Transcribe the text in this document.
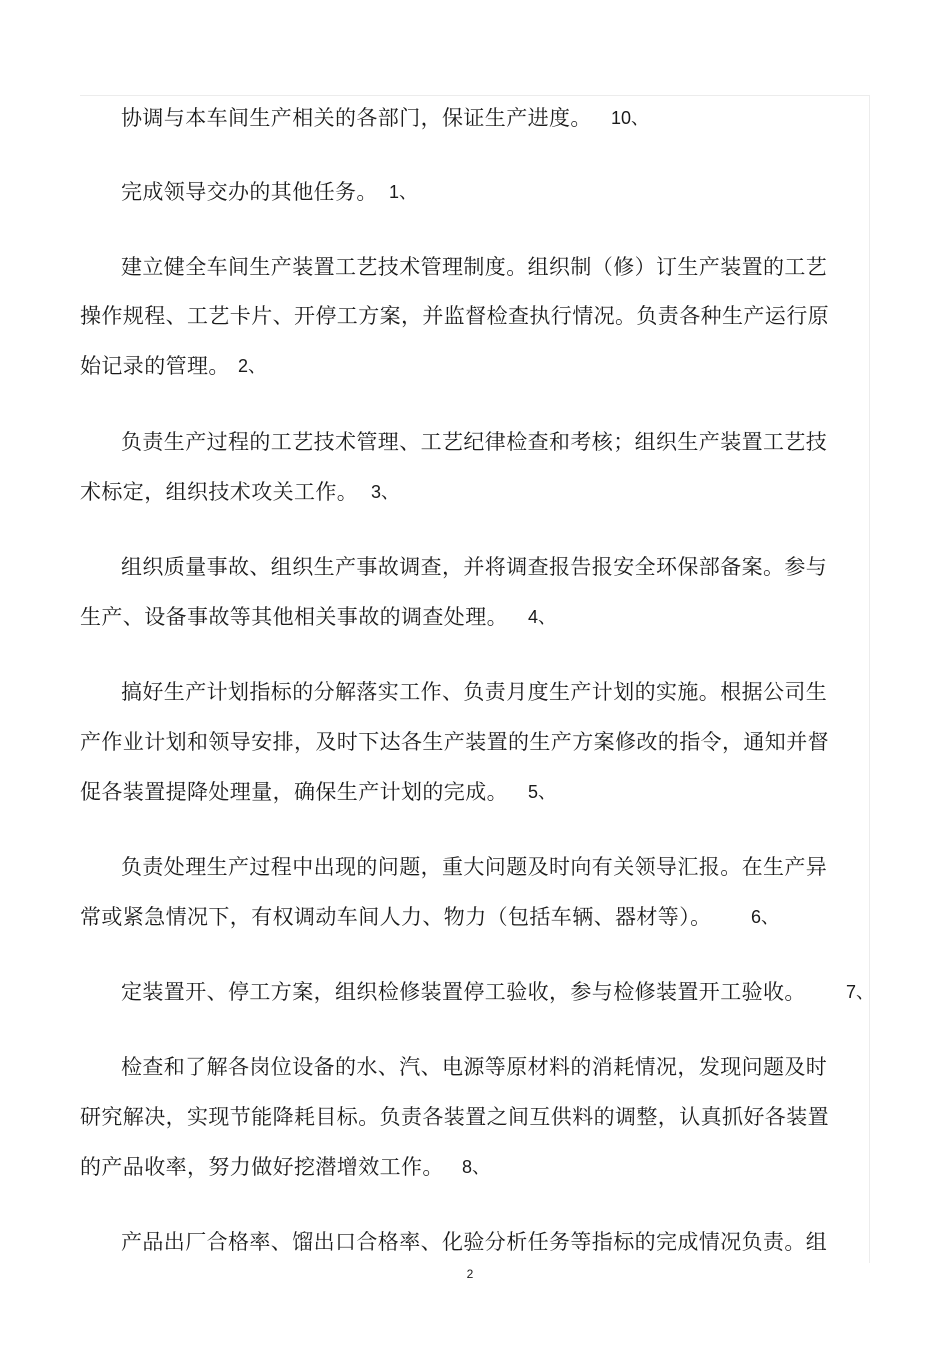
协调与本车间生产相关的各部门，保证生产进度。 10、
完成领导交办的其他任务。 1、
建立健全车间生产装置工艺技术管理制度。组织制（修）订生产装置的工艺
操作规程、工艺卡片、开停工方案，并监督检查执行情况。负责各种生产运行原
始记录的管理。 2、
负责生产过程的工艺技术管理、工艺纪律检查和考核；组织生产装置工艺技
术标定，组织技术攻关工作。 3、
组织质量事故、组织生产事故调查，并将调查报告报安全环保部备案。参与
生产、设备事故等其他相关事故的调查处理。 4、
搞好生产计划指标的分解落实工作、负责月度生产计划的实施。根据公司生
产作业计划和领导安排，及时下达各生产装置的生产方案修改的指令，通知并督
促各装置提降处理量，确保生产计划的完成。 5、
负责处理生产过程中出现的问题，重大问题及时向有关领导汇报。在生产异
常或紧急情况下，有权调动车间人力、物力（包括车辆、器材等）。 6、
定装置开、停工方案，组织检修装置停工验收，参与检修装置开工验收。 7、
检查和了解各岗位设备的水、汽、电源等原材料的消耗情况，发现问题及时
研究解决，实现节能降耗目标。负责各装置之间互供料的调整，认真抓好各装置
的产品收率，努力做好挖潜增效工作。 8、
产品出厂合格率、馏出口合格率、化验分析任务等指标的完成情况负责。组
2
